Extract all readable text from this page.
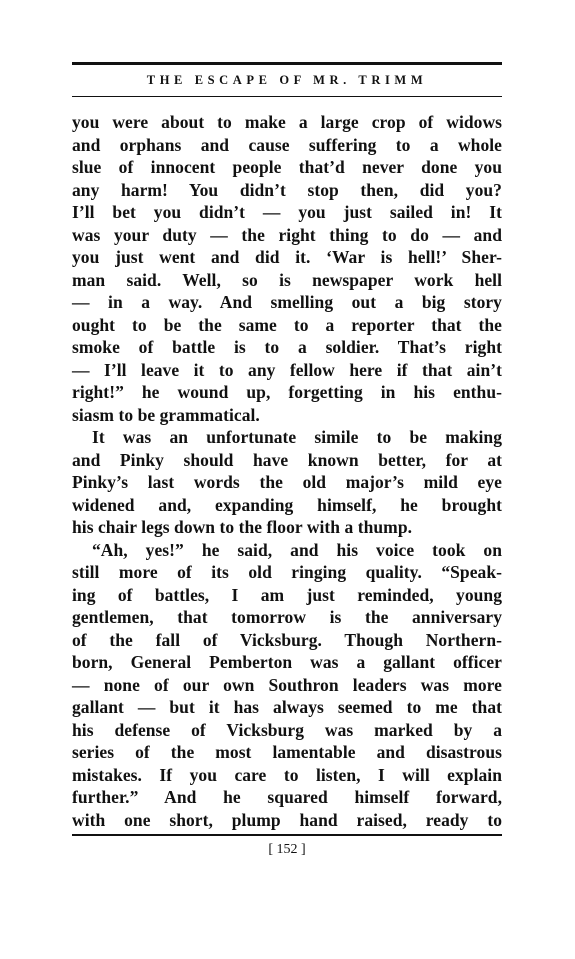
THE ESCAPE OF MR. TRIMM
you were about to make a large crop of widows
and orphans and cause suffering to a whole
slue of innocent people that’d never done you
any harm! You didn’t stop then, did you?
I’ll bet you didn’t — you just sailed in! It
was your duty — the right thing to do — and
you just went and did it. ‘War is hell!’ Sher-
man said. Well, so is newspaper work hell
— in a way. And smelling out a big story
ought to be the same to a reporter that the
smoke of battle is to a soldier. That’s right
— I’ll leave it to any fellow here if that ain’t
right!” he wound up, forgetting in his enthu-
siasm to be grammatical.
It was an unfortunate simile to be making
and Pinky should have known better, for at
Pinky’s last words the old major’s mild eye
widened and, expanding himself, he brought
his chair legs down to the floor with a thump.
“Ah, yes!” he said, and his voice took on
still more of its old ringing quality. “Speak-
ing of battles, I am just reminded, young
gentlemen, that tomorrow is the anniversary
of the fall of Vicksburg. Though Northern-
born, General Pemberton was a gallant officer
— none of our own Southron leaders was more
gallant — but it has always seemed to me that
his defense of Vicksburg was marked by a
series of the most lamentable and disastrous
mistakes. If you care to listen, I will explain
further.” And he squared himself forward,
with one short, plump hand raised, ready to
[ 152 ]
